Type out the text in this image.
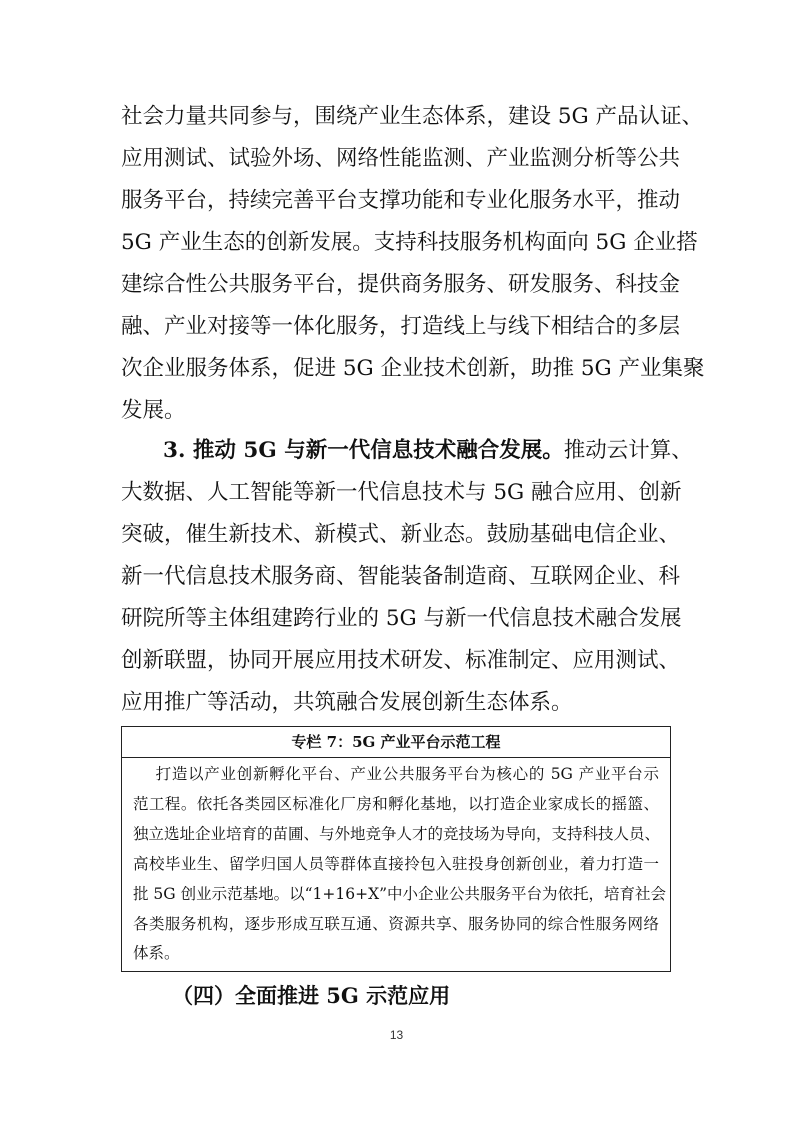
社会力量共同参与，围绕产业生态体系，建设 5G 产品认证、
应用测试、试验外场、网络性能监测、产业监测分析等公共
服务平台，持续完善平台支撑功能和专业化服务水平，推动
5G 产业生态的创新发展。支持科技服务机构面向 5G 企业搭
建综合性公共服务平台，提供商务服务、研发服务、科技金
融、产业对接等一体化服务，打造线上与线下相结合的多层
次企业服务体系，促进 5G 企业技术创新，助推 5G 产业集聚
发展。
3. 推动 5G 与新一代信息技术融合发展。推动云计算、
大数据、人工智能等新一代信息技术与 5G 融合应用、创新
突破，催生新技术、新模式、新业态。鼓励基础电信企业、
新一代信息技术服务商、智能装备制造商、互联网企业、科
研院所等主体组建跨行业的 5G 与新一代信息技术融合发展
创新联盟，协同开展应用技术研发、标准制定、应用测试、
应用推广等活动，共筑融合发展创新生态体系。
专栏 7：5G 产业平台示范工程
打造以产业创新孵化平台、产业公共服务平台为核心的 5G 产业平台示
范工程。依托各类园区标准化厂房和孵化基地，以打造企业家成长的摇篮、
独立选址企业培育的苗圃、与外地竞争人才的竞技场为导向，支持科技人员、
高校毕业生、留学归国人员等群体直接拎包入驻投身创新创业，着力打造一
批 5G 创业示范基地。以“1+16+X”中小企业公共服务平台为依托，培育社会
各类服务机构，逐步形成互联互通、资源共享、服务协同的综合性服务网络
体系。
（四）全面推进 5G 示范应用
13
